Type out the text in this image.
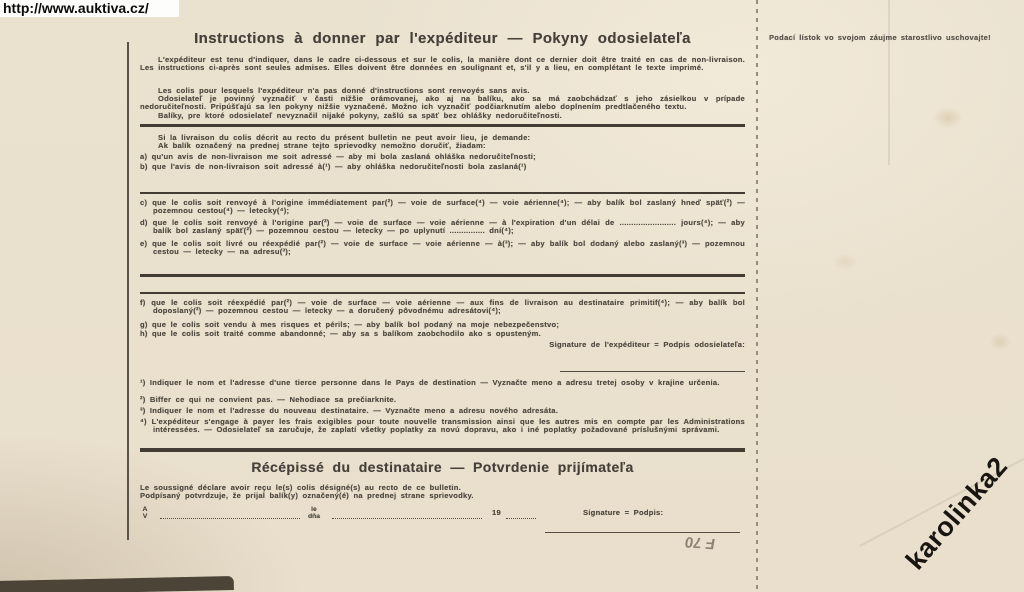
http://www.auktiva.cz/
Instructions à donner par l'expéditeur — Pokyny odosielateľa

L'expéditeur est tenu d'indiquer, dans le cadre ci-dessous et sur le colis, la manière dont ce dernier doit être traité en cas de non-livraison. Les instructions ci-après sont seules admises. Elles doivent être données en soulignant et, s'il y a lieu, en complétant le texte imprimé.

Les colis pour lesquels l'expéditeur n'a pas donné d'instructions sont renvoyés sans avis.

Odosielateľ je povinný vyznačiť v časti nižšie orámovanej, ako aj na balíku, ako sa má zaobchádzať s jeho zásielkou v prípade nedoručiteľnosti. Pripúšťajú sa len pokyny nižšie vyznačené. Možno ich vyznačiť podčiarknutím alebo doplnením predtlačeného textu.

Balíky, pre ktoré odosielateľ nevyznačil nijaké pokyny, zašlú sa späť bez ohlášky nedoručiteľnosti.

Si la livraison du colis décrit au recto du présent bulletin ne peut avoir lieu, je demande:

Ak balík označený na prednej strane tejto sprievodky nemožno doručiť, žiadam:

a) qu'un avis de non-livraison me soit adressé — aby mi bola zaslaná ohláška nedoručiteľnosti;

b) que l'avis de non-livraison soit adressé à(¹) — aby ohláška nedoručiteľnosti bola zaslaná(¹)

c) que le colis soit renvoyé à l'origine immédiatement par(²) — voie de surface(⁴) — voie aérienne(⁴); — aby balík bol zaslaný hneď späť(²) — pozemnou cestou(⁴) — letecky(⁴);

d) que le colis soit renvoyé à l'origine par(²) — voie de surface — voie aérienne — à l'expiration d'un délai de ........................ jours(⁴); — aby balík bol zaslaný späť(²) — pozemnou cestou — letecky — po uplynutí ............... dní(⁴);

e) que le colis soit livré ou réexpédié par(²) — voie de surface — voie aérienne — à(³); — aby balík bol dodaný alebo zaslaný(³) — pozemnou cestou — letecky — na adresu(³);

f) que le colis soit réexpédié par(²) — voie de surface — voie aérienne — aux fins de livraison au destinataire primitif(⁴); — aby balík bol doposlaný(²) — pozemnou cestou — letecky — a doručený pôvodnému adresátovi(⁴);

g) que le colis soit vendu à mes risques et périls; — aby balík bol podaný na moje nebezpečenstvo;

h) que le colis soit traité comme abandonné; — aby sa s balíkom zaobchodilo ako s opusteným.

Signature de l'expéditeur = Podpis odosielateľa:

¹) Indiquer le nom et l'adresse d'une tierce personne dans le Pays de destination — Vyznačte meno a adresu tretej osoby v krajine určenia.

²) Biffer ce qui ne convient pas. — Nehodiace sa prečiarknite.

³) Indiquer le nom et l'adresse du nouveau destinataire. — Vyznačte meno a adresu nového adresáta.

⁴) L'expéditeur s'engage à payer les frais exigibles pour toute nouvelle transmission ainsi que les autres mis en compte par les Administrations intéressées. — Odosielateľ sa zaručuje, že zaplatí všetky poplatky za novú dopravu, ako i iné poplatky požadované príslušnými správami.

Récépissé du destinataire — Potvrdenie prijímateľa

Le soussigné déclare avoir reçu le(s) colis désigné(s) au recto de ce bulletin.

Podpísaný potvrdzuje, že prijal balík(y) označený(é) na prednej strane sprievodky.

A
V
le
dňa	19	Signature = Podpis:
Podací lístok vo svojom záujme starostlivo uschovajte!
F 70	karolinka2
